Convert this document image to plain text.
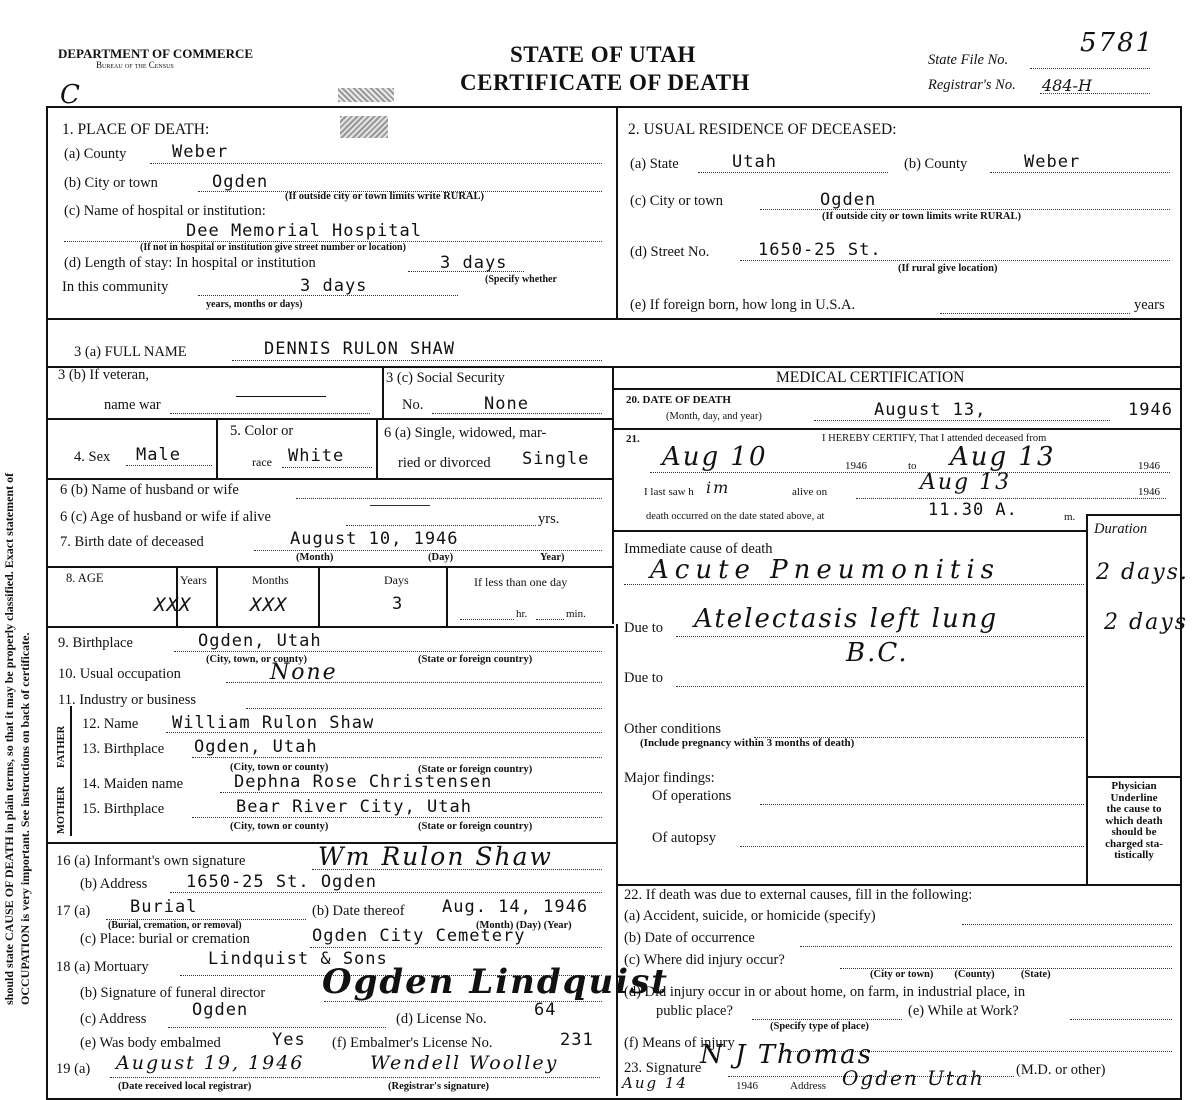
should state CAUSE OF DEATH in plain terms, so that it may be properly classified. Exact statement of OCCUPATION is very important. See instructions on back of certificate.
DEPARTMENT OF COMMERCE
Bureau of the Census
C
STATE OF UTAH
CERTIFICATE OF DEATH
State File No.
5781
Registrar's No. 484-H
1. PLACE OF DEATH:
(a) County	Weber
(b) City or town	Ogden
(If outside city or town limits write RURAL)
(c) Name of hospital or institution:
Dee Memorial Hospital
(If not in hospital or institution give street number or location)
(d) Length of stay: In hospital or institution	3 days
(Specify whether
In this community	3 days
years, months or days)
2. USUAL RESIDENCE OF DECEASED:
(a) State	Utah	(b) County	Weber
(c) City or town	Ogden
(If outside city or town limits write RURAL)
(d) Street No.	1650-25 St.
(If rural give location)
(e) If foreign born, how long in U.S.A.	years
3 (a) FULL NAME	DENNIS RULON SHAW
3 (b) If veteran,
name war
3 (c) Social Security
No.	None
4. Sex Male
5. Color or
race White
6 (a) Single, widowed, mar-
ried or divorced Single
6 (b) Name of husband or wife
6 (c) Age of husband or wife if alive	yrs.
7. Birth date of deceased	August 10, 1946
(Month)	(Day)	Year)
8. AGE	Years	Months	Days	If less than one day
XXX	XXX	3	hr.	min.
9. Birthplace	Ogden, Utah
(City, town, or county)	(State or foreign country)
10. Usual occupation	None
11. Industry or business
FATHER
MOTHER
12. Name William Rulon Shaw
13. Birthplace Ogden, Utah
(City, town or county)	(State or foreign country)
14. Maiden name	Dephna Rose Christensen
15. Birthplace	Bear River City, Utah
(City, town or county)	(State or foreign country)
16 (a) Informant's own signature	Wm Rulon Shaw
(b) Address 1650-25 St. Ogden
17 (a) Burial
(Burial, cremation, or removal)
(b) Date thereof Aug. 14, 1946
(Month) (Day) (Year)
(c) Place: burial or cremation	Ogden City Cemetery
18 (a) Mortuary	Lindquist & Sons
(b) Signature of funeral director Ogden Lindquist
(c) Address	Ogden	(d) License No.	64
(e) Was body embalmed	Yes (f) Embalmer's License No.	231
19 (a) August 19, 1946	Wendell Woolley
(Date received local registrar)	(Registrar's signature)
MEDICAL CERTIFICATION
20. DATE OF DEATH
(Month, day, and year)	August 13,	1946
21.	I HEREBY CERTIFY, That I attended deceased from
Aug 10	1946	to Aug 13	1946
I last saw h im	alive on	Aug 13	1946
death occurred on the date stated above, at	11.30 A.	m.
Duration
Immediate cause of death
Acute Pneumonitis	2 days.
Due to Atelectasis left lung	2 days
B.C.
Due to
Other conditions
(Include pregnancy within 3 months of death)
Major findings:
Of operations
Of autopsy
Physician
Underline
the cause to
which death
should be
charged sta-
tistically
22. If death was due to external causes, fill in the following:
(a) Accident, suicide, or homicide (specify)
(b) Date of occurrence
(c) Where did injury occur?
(City or town)        (County)          (State)
(d) Did injury occur in or about home, on farm, in industrial place, in
public place?
(Specify type of place)
(e) While at Work?
(f) Means of injury
23. Signature
N J Thomas	(M.D. or other)
Aug 14	1946	Address Ogden Utah
